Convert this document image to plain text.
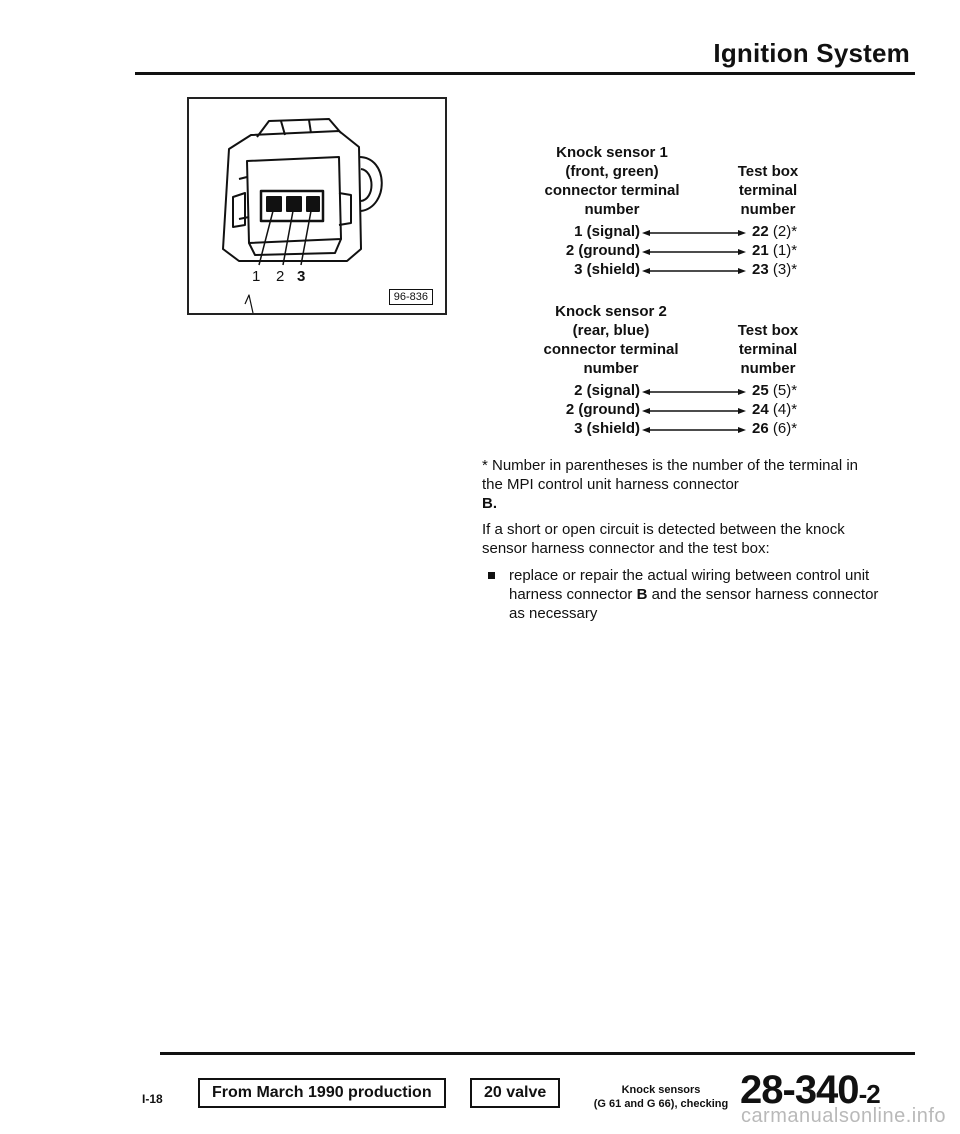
Ignition System
1 2 3
96-836
Knock sensor 1
(front, green)
connector terminal
number
Test box
terminal
number
1 (signal)	22 (2)*
2 (ground)	21 (1)*
3 (shield)	23 (3)*
Knock sensor 2
(rear, blue)
connector terminal
number
Test box
terminal
number
2 (signal)	25 (5)*
2 (ground)	24 (4)*
3 (shield)	26 (6)*
* Number in parentheses is the number of the terminal in the MPI control unit harness connector
B.
If a short or open circuit is detected between the knock sensor harness connector and the test box:
replace or repair the actual wiring between control unit harness connector B and the sensor harness connector as necessary
I-18	From March 1990 production	20 valve	Knock sensors
(G 61 and G 66), checking 28-340-2
carmanualsonline.info
